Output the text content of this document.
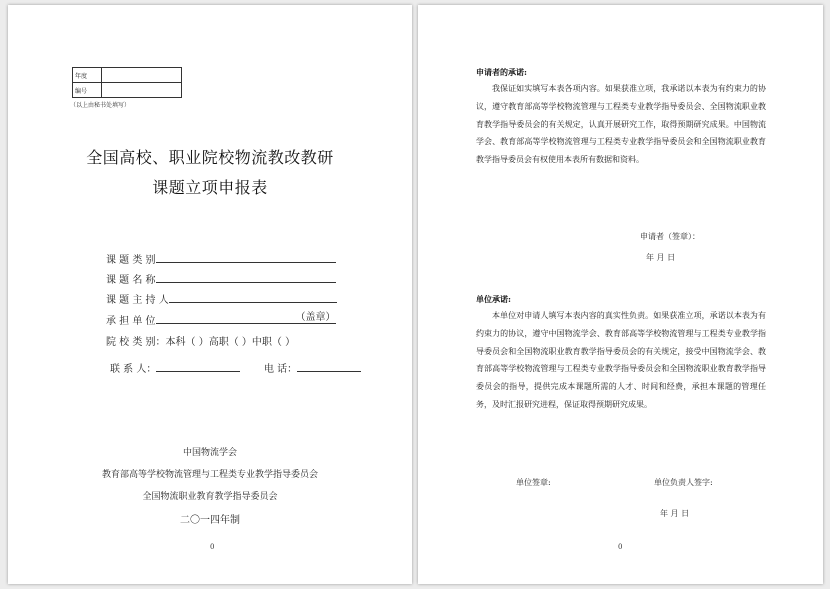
年度	
编号	
（以上由秘书处填写）
全国高校、职业院校物流教改教研
课题立项申报表
课 题 类 别
课 题 名 称
课 题 主 持 人
承 担 单 位	（盖章）
院 校 类 别：本科（ ）高职（ ）中职（ ）
联 系 人：	电 话：
中国物流学会
教育部高等学校物流管理与工程类专业教学指导委员会
全国物流职业教育教学指导委员会
二〇一四年制
0
申请者的承诺:

我保证如实填写本表各项内容。如果获准立项，我承诺以本表为有约束力的协议，遵守教育部高等学校物流管理与工程类专业教学指导委员会、全国物流职业教育教学指导委员会的有关规定，认真开展研究工作，取得预期研究成果。中国物流学会、教育部高等学校物流管理与工程类专业教学指导委员会和全国物流职业教育教学指导委员会有权使用本表所有数据和资料。

申请者（签章）：
年 月 日
单位承诺:

本单位对申请人填写本表内容的真实性负责。如果获准立项，承诺以本表为有约束力的协议，遵守中国物流学会、教育部高等学校物流管理与工程类专业教学指导委员会和全国物流职业教育教学指导委员会的有关规定，接受中国物流学会、教育部高等学校物流管理与工程类专业教学指导委员会和全国物流职业教育教学指导委员会的指导，提供完成本课题所需的人才、时间和经费，承担本课题的管理任务，及时汇报研究进程，保证取得预期研究成果。

单位签章:	单位负责人签字:
年 月 日
0
